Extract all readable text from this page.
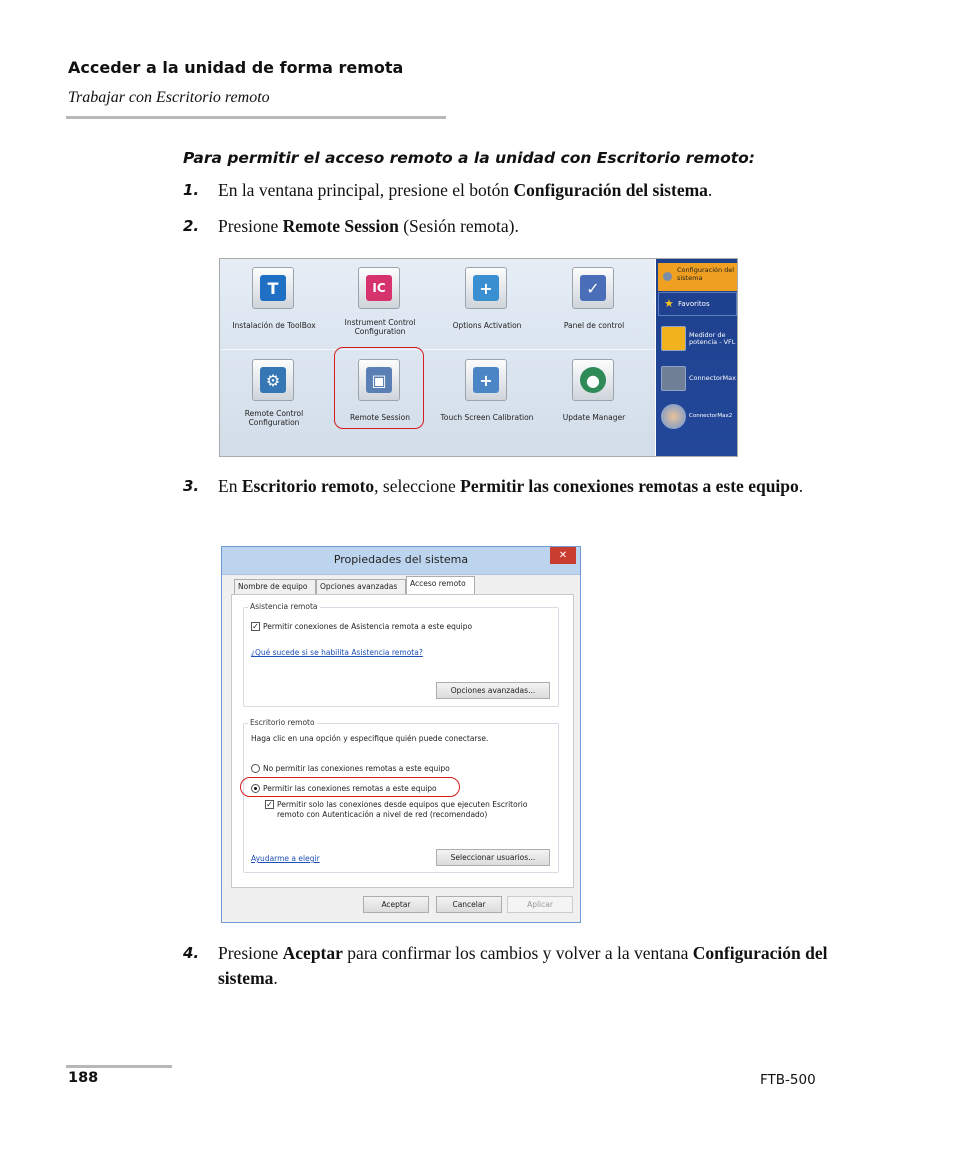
Acceder a la unidad de forma remota
Trabajar con Escritorio remoto
Para permitir el acceso remoto a la unidad con Escritorio remoto:
1. En la ventana principal, presione el botón Configuración del sistema.
2. Presione Remote Session (Sesión remota).
T
Instalación de ToolBox
IC
Instrument Control Configuration
+
Options Activation
✓
Panel de control
⚙
Remote Control Configuration
▣
Remote Session
+
Touch Screen Calibration
●
Update Manager
Configuración del sistema
★ Favoritos
Medidor de potencia - VFL
ConnectorMax
ConnectorMax2
3. En Escritorio remoto, seleccione Permitir las conexiones remotas a este equipo.
Propiedades del sistema	✕
Nombre de equipo	Opciones avanzadas	Acceso remoto
Asistencia remota
✓ Permitir conexiones de Asistencia remota a este equipo
¿Qué sucede si se habilita Asistencia remota?
Opciones avanzadas...
Escritorio remoto
Haga clic en una opción y especifique quién puede conectarse.
No permitir las conexiones remotas a este equipo
Permitir las conexiones remotas a este equipo
✓ Permitir solo las conexiones desde equipos que ejecuten Escritorio
remoto con Autenticación a nivel de red (recomendado)
Ayudarme a elegir	Seleccionar usuarios...
Aceptar	Cancelar	Aplicar
4. Presione Aceptar para confirmar los cambios y volver a la ventana Configuración del sistema.
188	FTB-500
